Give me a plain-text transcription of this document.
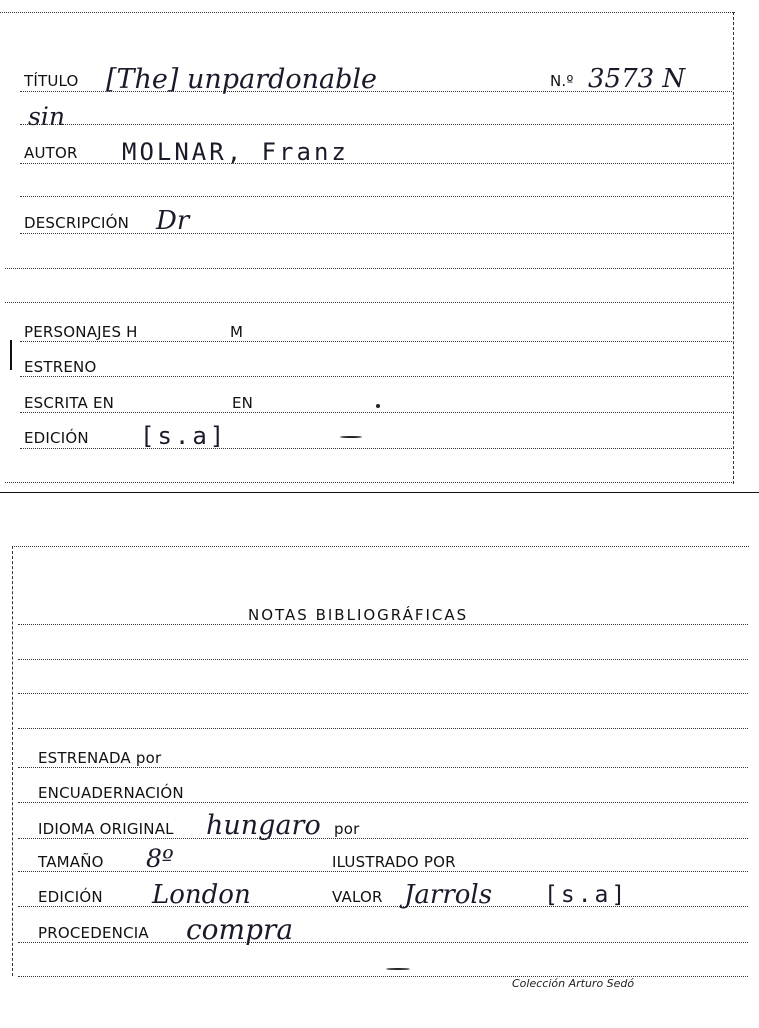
TÍTULO [The] unpardonable	N.º 3573 N
sin
AUTOR MOLNAR, Franz
DESCRIPCIÓN Dr
PERSONAJES H	M
ESTRENO
ESCRITA EN	EN
EDICIÓN [s.a]
NOTAS BIBLIOGRÁFICAS
ESTRENADA por
ENCUADERNACIÓN
IDIOMA ORIGINAL hungaro por
TAMAÑO 8º	ILUSTRADO POR
EDICIÓN London	VALOR Jarrols [s.a]
PROCEDENCIA compra
Colección Arturo Sedó
